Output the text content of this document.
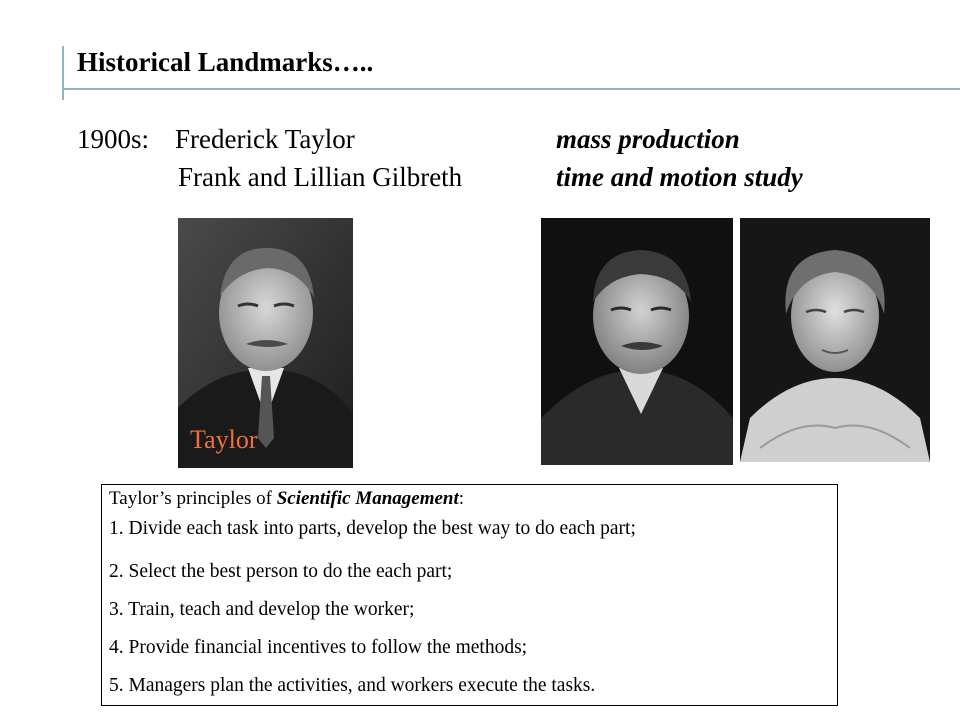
Historical Landmarks…..
1900s: Frederick Taylor
Frank and Lillian Gilbreth
mass production
time and motion study
Taylor
Taylor’s principles of Scientific Management:
1. Divide each task into parts, develop the best way to do each part;
2. Select the best person to do the each part;
3. Train, teach and develop the worker;
4. Provide financial incentives to follow the methods;
5. Managers plan the activities, and workers execute the tasks.
